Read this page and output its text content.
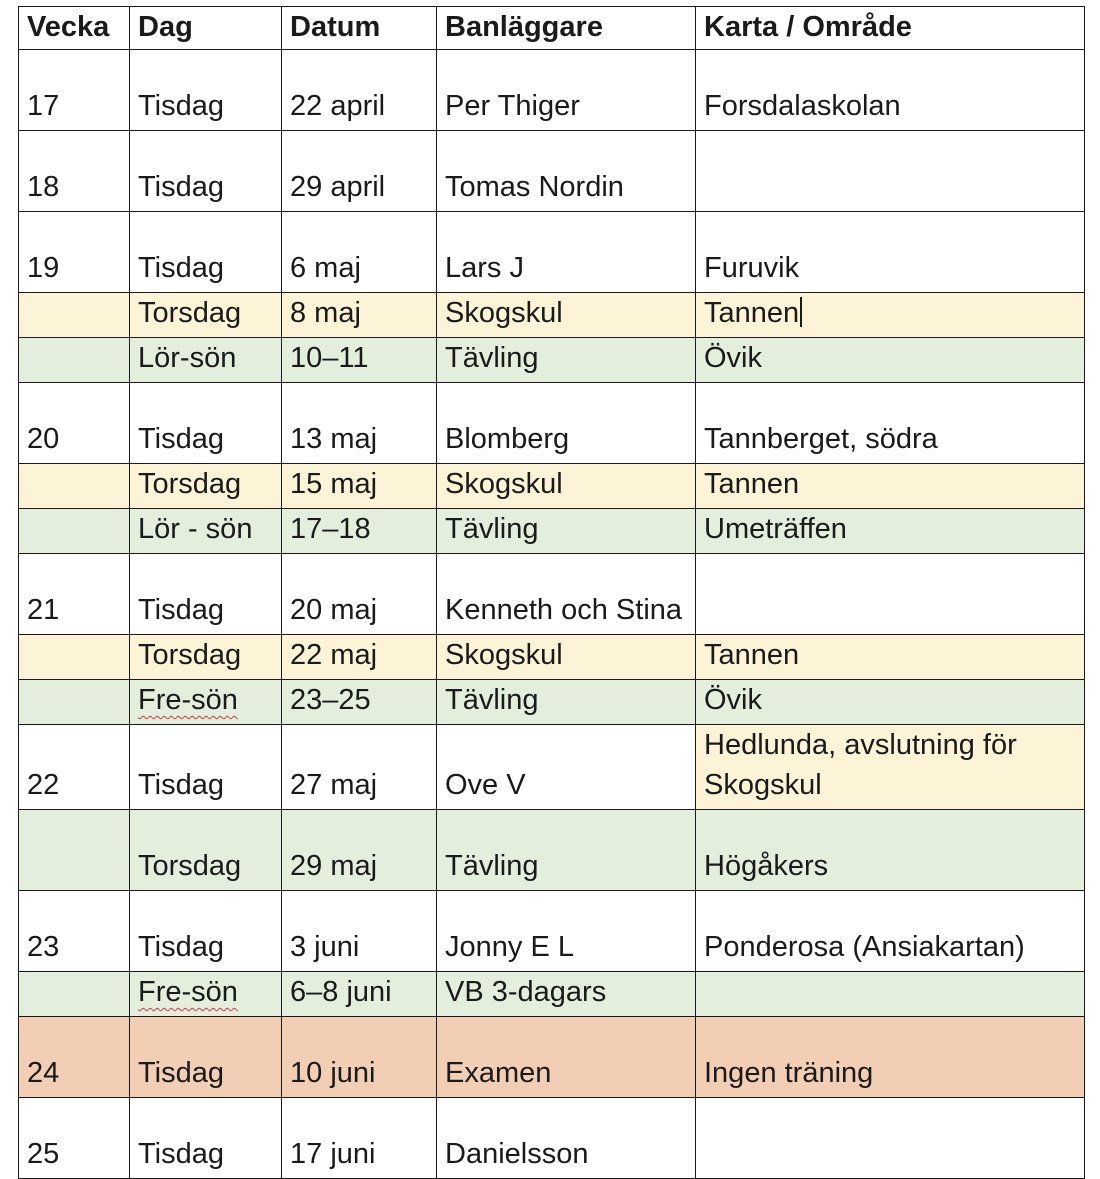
Vecka	Dag	Datum	Banläggare	Karta / Område
17	Tisdag	22 april	Per Thiger	Forsdalaskolan
18	Tisdag	29 april	Tomas Nordin	
19	Tisdag	6 maj	Lars J	Furuvik
	Torsdag	8 maj	Skogskul	Tannen
	Lör-sön	10–11	Tävling	Övik
20	Tisdag	13 maj	Blomberg	Tannberget, södra
	Torsdag	15 maj	Skogskul	Tannen
	Lör - sön	17–18	Tävling	Umeträffen
21	Tisdag	20 maj	Kenneth och Stina	
	Torsdag	22 maj	Skogskul	Tannen
	Fre-sön	23–25	Tävling	Övik
22	Tisdag	27 maj	Ove V	Hedlunda, avslutning för Skogskul
	Torsdag	29 maj	Tävling	Högåkers
23	Tisdag	3 juni	Jonny E L	Ponderosa (Ansiakartan)
	Fre-sön	6–8 juni	VB 3-dagars	
24	Tisdag	10 juni	Examen	Ingen träning
25	Tisdag	17 juni	Danielsson	
